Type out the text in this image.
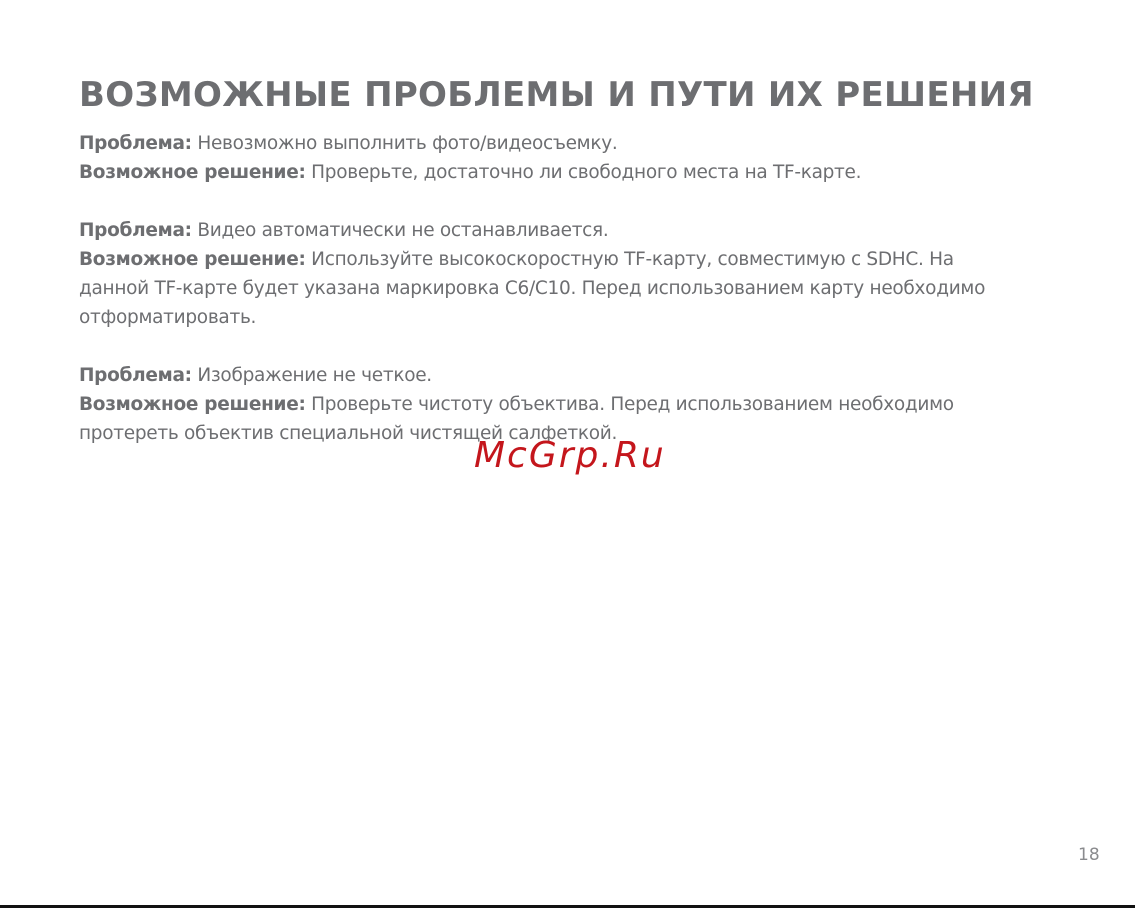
ВОЗМОЖНЫЕ ПРОБЛЕМЫ И ПУТИ ИХ РЕШЕНИЯ
Проблема: Невозможно выполнить фото/видеосъемку.
Возможное решение: Проверьте, достаточно ли свободного места на TF-карте.
Проблема: Видео автоматически не останавливается.
Возможное решение: Используйте высокоскоростную TF-карту, совместимую с SDHC. На
данной TF-карте будет указана маркировка C6/C10. Перед использованием карту необходимо
отформатировать.
Проблема: Изображение не четкое.
Возможное решение: Проверьте чистоту объектива. Перед использованием необходимо
протереть объектив специальной чистящей салфеткой.
McGrp.Ru
18
